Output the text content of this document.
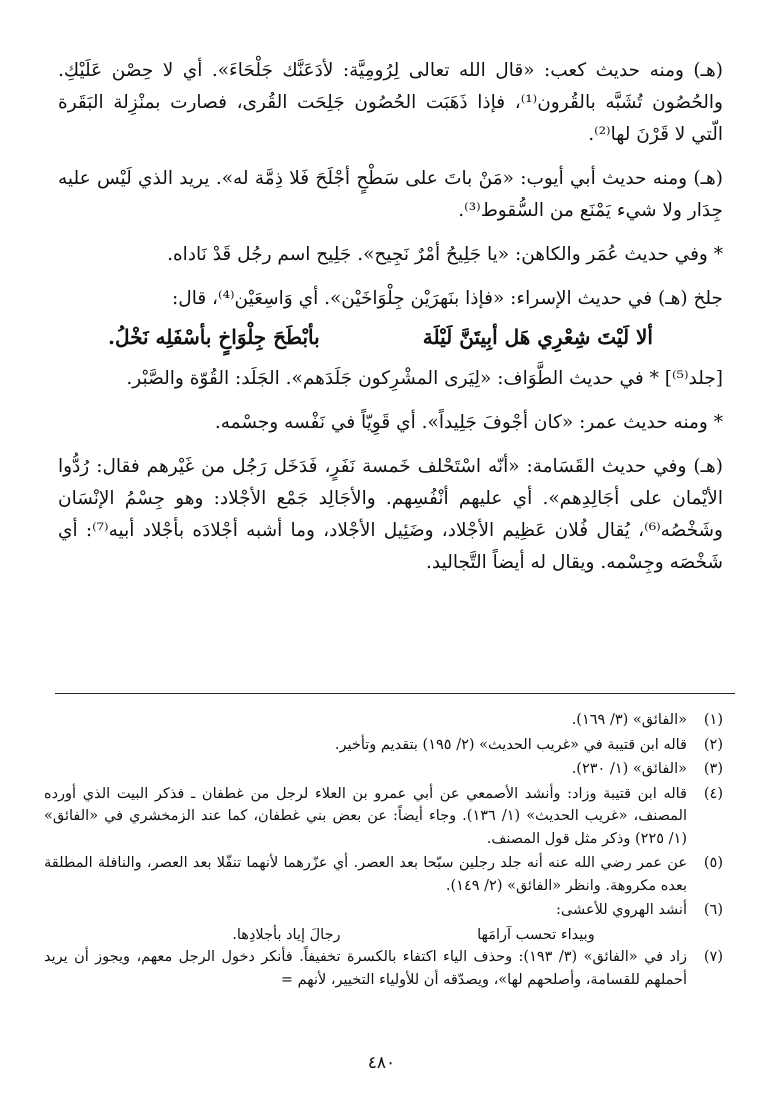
(هـ) ومنه حديث كعب: «قال الله تعالى لِرُومِيَّة: لأدَعَنَّك جَلْحَاءَ». أي لا حِصْن عَلَيْكِ. والحُصُون تُشَبَّه بالقُرون⁽¹⁾، فإذا ذَهَبَت الحُصُون جَلِحَت القُرى، فصارت بمنْزِلة البَقَرة الّتي لا قَرْنَ لها⁽²⁾.

(هـ) ومنه حديث أبي أيوب: «مَنْ باتَ على سَطْحٍ أجْلَحَ فَلا ذِمَّة له». يريد الذي لَيْس عليه جِدَار ولا شيء يَمْنَع من السُّقوط⁽³⁾.

* وفي حديث عُمَر والكاهن: «يا جَلِيحُ أمْرٌ نَجِيح». جَلِيح اسم رجُل قَدْ نَاداه.

جلخ (هـ) في حديث الإسراء: «فإذا بنَهرَيْن جِلْوَاخَيْن». أي وَاسِعَيْن⁽⁴⁾، قال:

ألا لَيْتَ شِعْرِي هَل أبِيتَنَّ لَيْلَة
بأبْطَحَ جِلْوَاخٍ بأسْفَلِه نَخْلُ.

[جلد⁽⁵⁾] * في حديث الطَّوَاف: «لِيَرى المشْرِكون جَلَدَهم». الجَلَد: القُوّة والصَّبْر.

* ومنه حديث عمر: «كان أجْوفَ جَلِيداً». أي قَوِيّاً في نَفْسه وجسْمه.

(هـ) وفي حديث القَسَامة: «أنّه اسْتَحْلف خَمسة نَفَرٍ، فَدَخَل رَجُل من غَيْرهم فقال: رُدُّوا الأيْمان على أجَالِدِهم». أي عليهم أنْفُسِهم. والأجَالِد جَمْع الأجْلاد: وهو جِسْمُ الإنْسَان وشَخْصُه⁽⁶⁾، يُقال فُلان عَظِيم الأجْلاد، وضَئِيل الأجْلاد، وما أشبه أجْلادَه بأجْلاد أبيه⁽⁷⁾: أي شَخْصَه وجِسْمه. ويقال له أيضاً التَّجاليد.

(١)
«الفائق» (٣/ ١٦٩).
(٢)
قاله ابن قتيبة في «غريب الحديث» (٢/ ١٩٥) بتقديم وتأخير.
(٣)
«الفائق» (١/ ٢٣٠).
(٤)
قاله ابن قتيبة وزاد: وأنشد الأصمعي عن أبي عمرو بن العلاء لرجل من غطفان ـ فذكر البيت الذي أورده المصنف، «غريب الحديث» (١/ ١٣٦). وجاء أيضاً: عن بعض بني غطفان، كما عند الزمخشري في «الفائق» (١/ ٢٢٥) وذكر مثل قول المصنف.
(٥)
عن عمر رضي الله عنه أنه جلد رجلين سبّحا بعد العصر. أي عزّرهما لأنهما تنفّلا بعد العصر، والنافلة المطلقة بعده مكروهة. وانظر «الفائق» (٢/ ١٤٩).
(٦)
أنشد الهروي للأعشى:
وبيداء تحسب آرامَها
رجالَ إياد بأجلادِها.
(٧)
زاد في «الفائق» (٣/ ١٩٣): وحذف الياء اكتفاء بالكسرة تخفيفاً. فأنكر دخول الرجل معهم، ويجوز أن يريد أحملهم للقسامة، وأصلحهم لها»، ويصدّقه أن للأولياء التخيير، لأنهم =
٤٨٠
